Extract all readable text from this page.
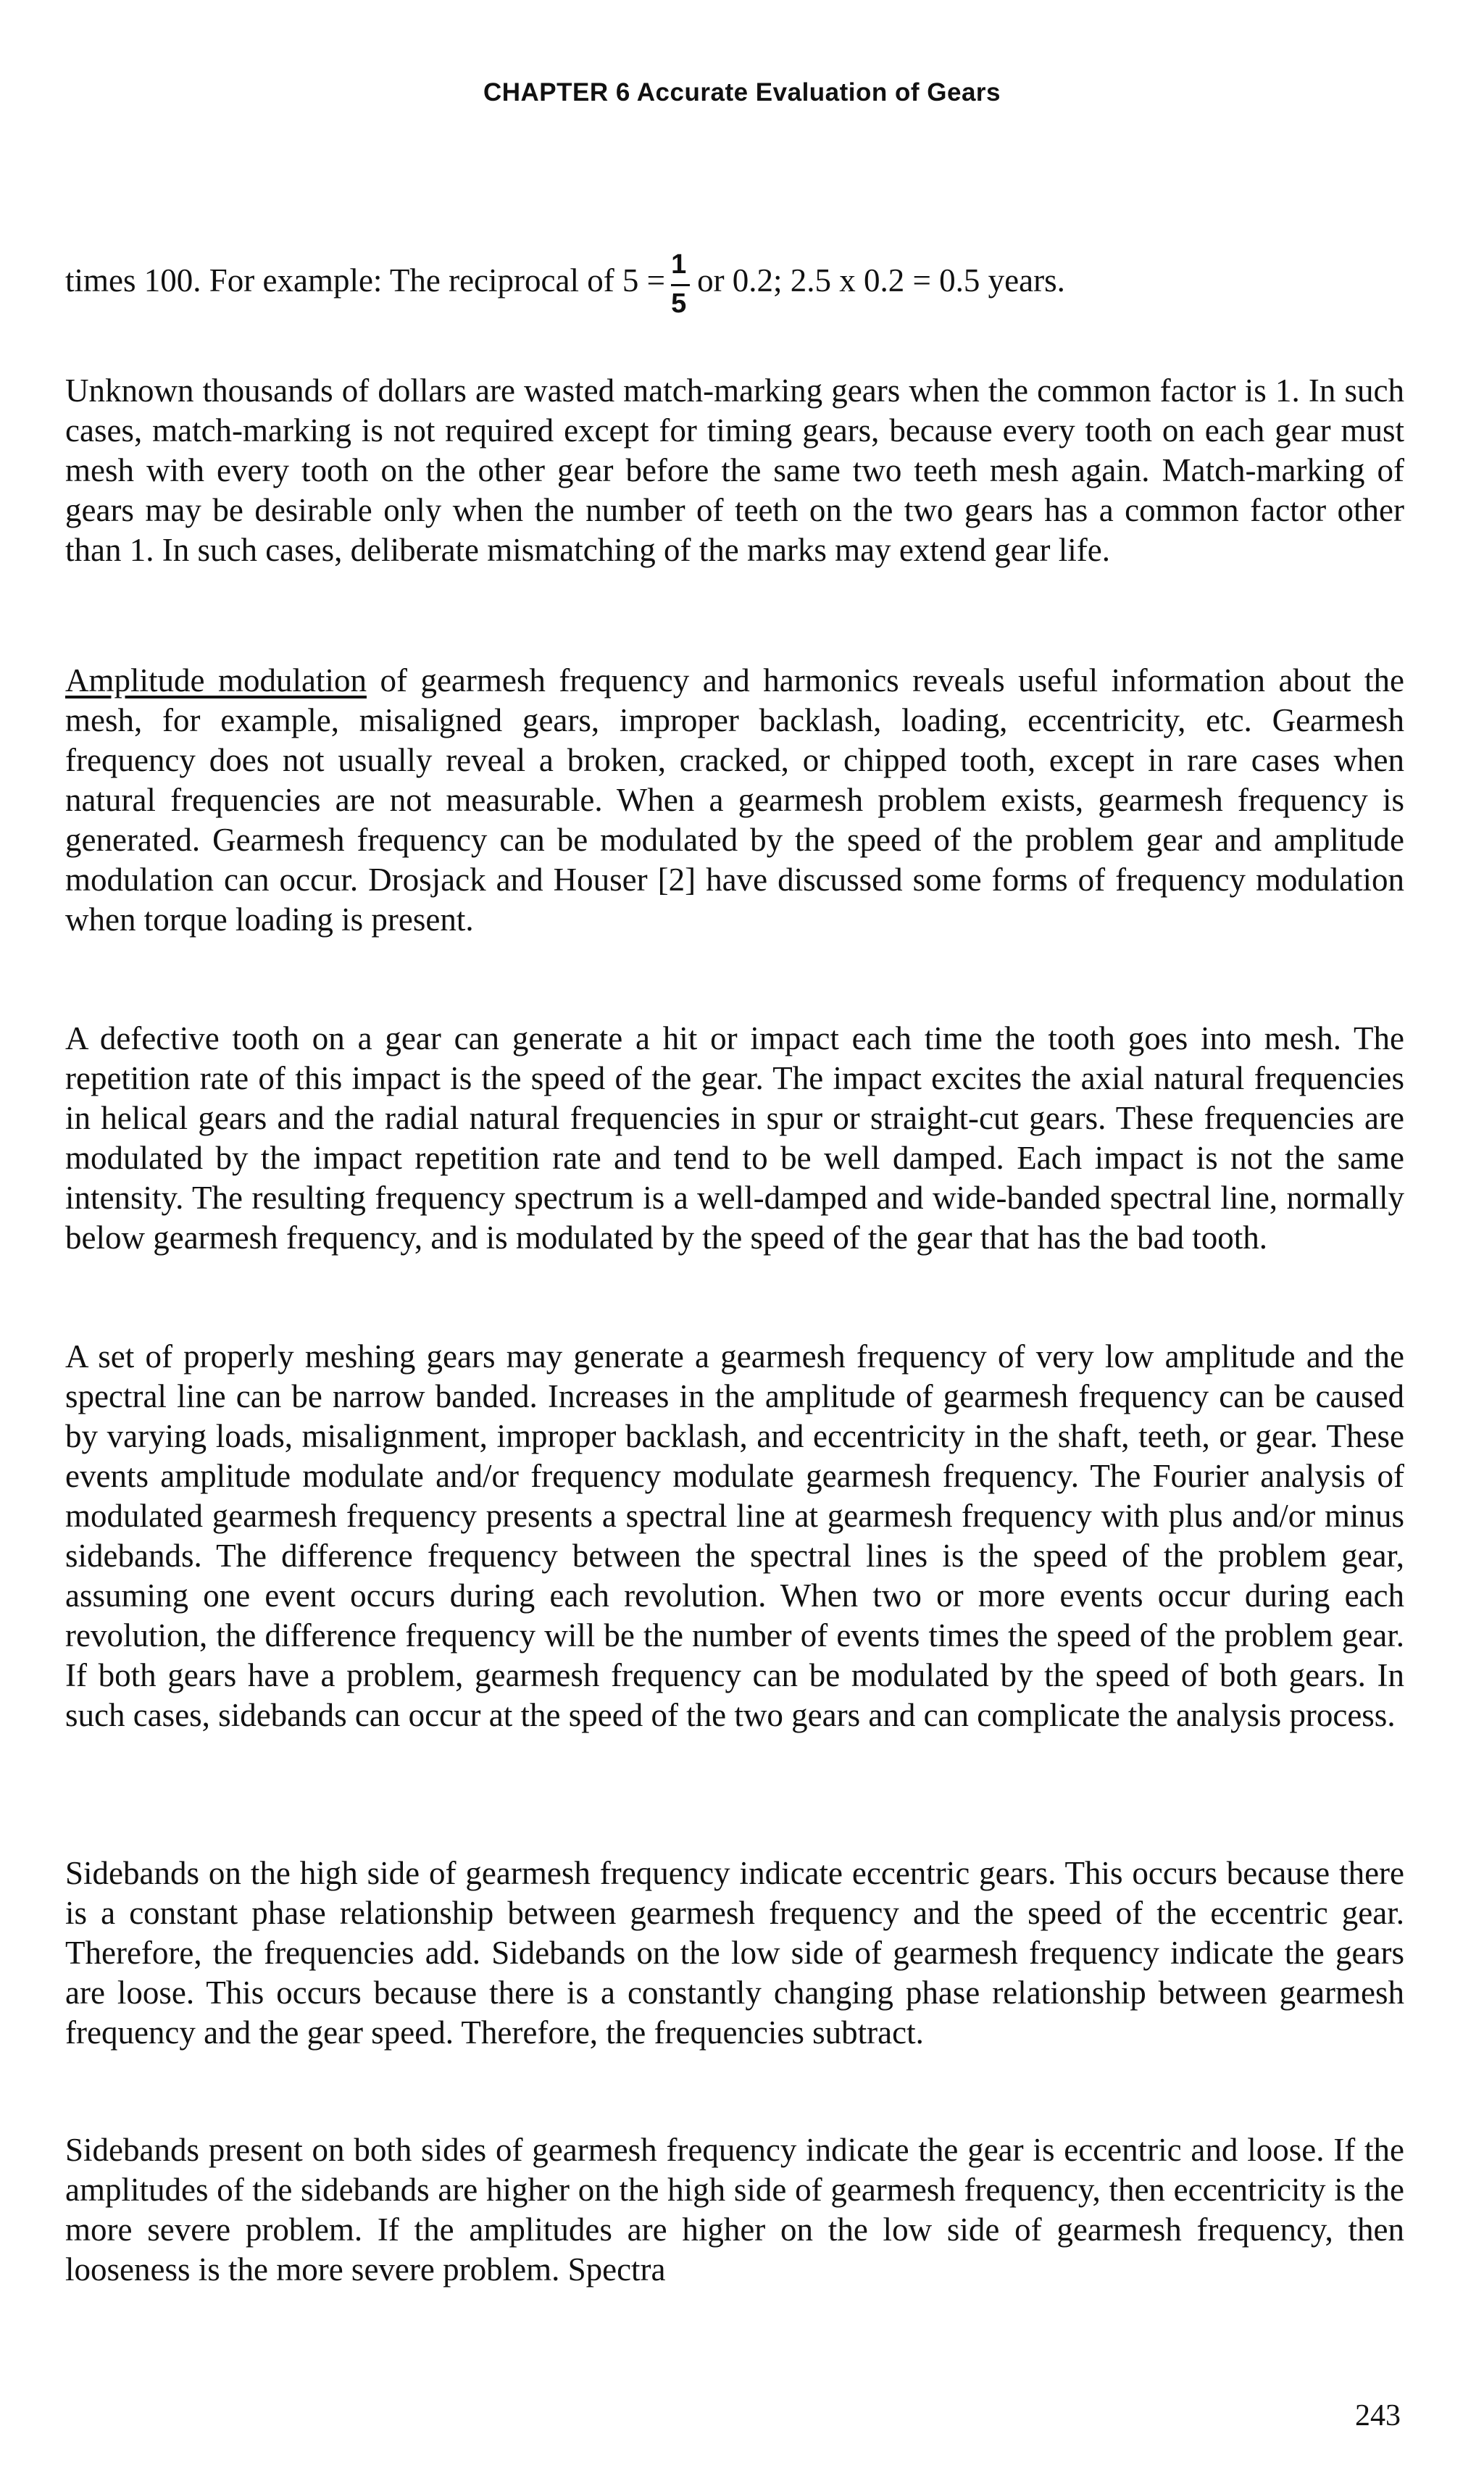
CHAPTER 6 Accurate Evaluation of Gears
times 100. For example: The reciprocal of $5 = \frac{1}{5}$ or 0.2; 2.5 x 0.2 = 0.5 years.
Unknown thousands of dollars are wasted match-marking gears when the common factor is 1. In such cases, match-marking is not required except for timing gears, because every tooth on each gear must mesh with every tooth on the other gear before the same two teeth mesh again. Match-marking of gears may be desirable only when the number of teeth on the two gears has a common factor other than 1. In such cases, deliberate mismatching of the marks may extend gear life.
Amplitude modulation of gearmesh frequency and harmonics reveals useful information about the mesh, for example, misaligned gears, improper backlash, loading, eccentricity, etc. Gearmesh frequency does not usually reveal a broken, cracked, or chipped tooth, except in rare cases when natural frequencies are not measurable. When a gearmesh problem exists, gearmesh frequency is generated. Gearmesh frequency can be modulated by the speed of the problem gear and amplitude modulation can occur. Drosjack and Houser [2] have discussed some forms of frequency modulation when torque loading is present.
A defective tooth on a gear can generate a hit or impact each time the tooth goes into mesh. The repetition rate of this impact is the speed of the gear. The impact excites the axial natural frequencies in helical gears and the radial natural frequencies in spur or straight-cut gears. These frequencies are modulated by the impact repetition rate and tend to be well damped. Each impact is not the same intensity. The resulting frequency spectrum is a well-damped and wide-banded spectral line, normally below gearmesh frequency, and is modulated by the speed of the gear that has the bad tooth.
A set of properly meshing gears may generate a gearmesh frequency of very low amplitude and the spectral line can be narrow banded. Increases in the amplitude of gearmesh frequency can be caused by varying loads, misalignment, improper backlash, and eccentricity in the shaft, teeth, or gear. These events amplitude modulate and/or frequency modulate gearmesh frequency. The Fourier analysis of modulated gearmesh frequency presents a spectral line at gearmesh frequency with plus and/or minus sidebands. The difference frequency between the spectral lines is the speed of the problem gear, assuming one event occurs during each revolution. When two or more events occur during each revolution, the difference frequency will be the number of events times the speed of the problem gear. If both gears have a problem, gearmesh frequency can be modulated by the speed of both gears. In such cases, sidebands can occur at the speed of the two gears and can complicate the analysis process.
Sidebands on the high side of gearmesh frequency indicate eccentric gears. This occurs because there is a constant phase relationship between gearmesh frequency and the speed of the eccentric gear. Therefore, the frequencies add. Sidebands on the low side of gearmesh frequency indicate the gears are loose. This occurs because there is a constantly changing phase relationship between gearmesh frequency and the gear speed. Therefore, the frequencies subtract.
Sidebands present on both sides of gearmesh frequency indicate the gear is eccentric and loose. If the amplitudes of the sidebands are higher on the high side of gearmesh frequency, then eccentricity is the more severe problem. If the amplitudes are higher on the low side of gearmesh frequency, then looseness is the more severe problem. Spectra
243
